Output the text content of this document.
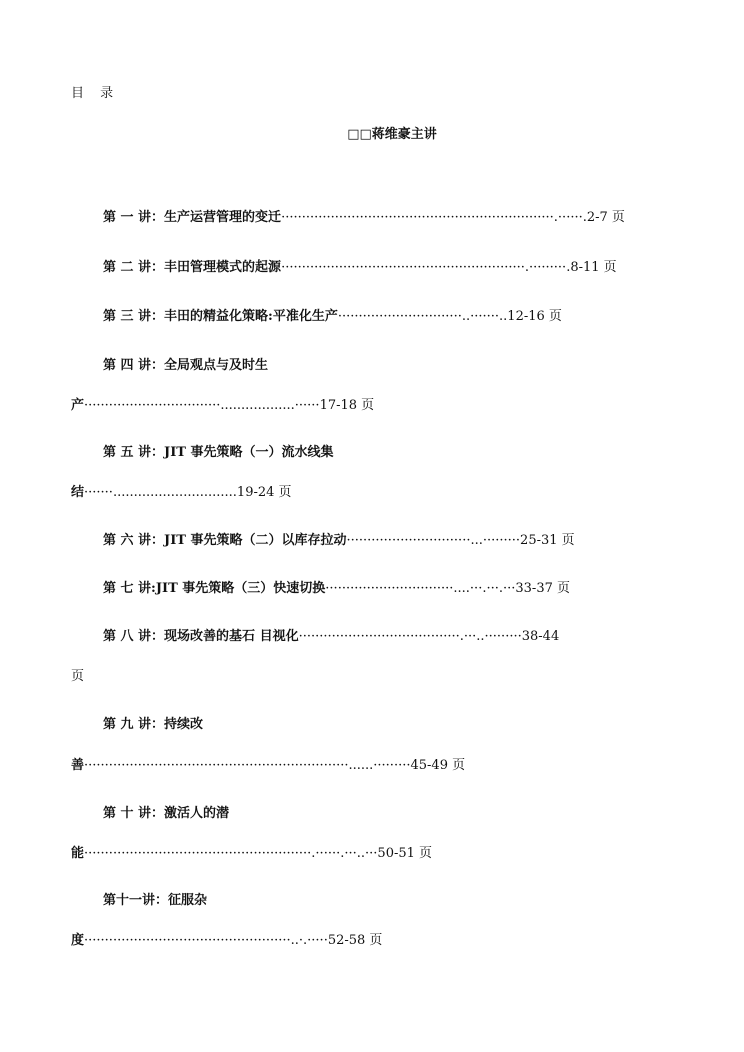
目 录
□□蒋维豪主讲
第 一 讲：生产运营管理的变迁··································································.······.2-7 页
第 二 讲：丰田管理模式的起源···························································.·········.8-11 页
第 三 讲：丰田的精益化策略:平准化生产······························..·······..12-16 页
第 四 讲：全局观点与及时生
产·································..................······17-18 页
第 五 讲：JIT 事先策略（一）流水线集
结·······..............................19-24 页
第 六 讲：JIT 事先策略（二）以库存拉动······························...·········25-31 页
第 七 讲:JIT 事先策略（三）快速切换·······························....···.···.···33-37 页
第 八 讲：现场改善的基石 目视化·······································.···..·········38-44
页
第 九 讲：持续改
善································································......·········45-49 页
第 十 讲：激活人的潜
能·······················································.······.···..···50-51 页
第十一讲：征服杂
度··················································..·.·····52-58 页
